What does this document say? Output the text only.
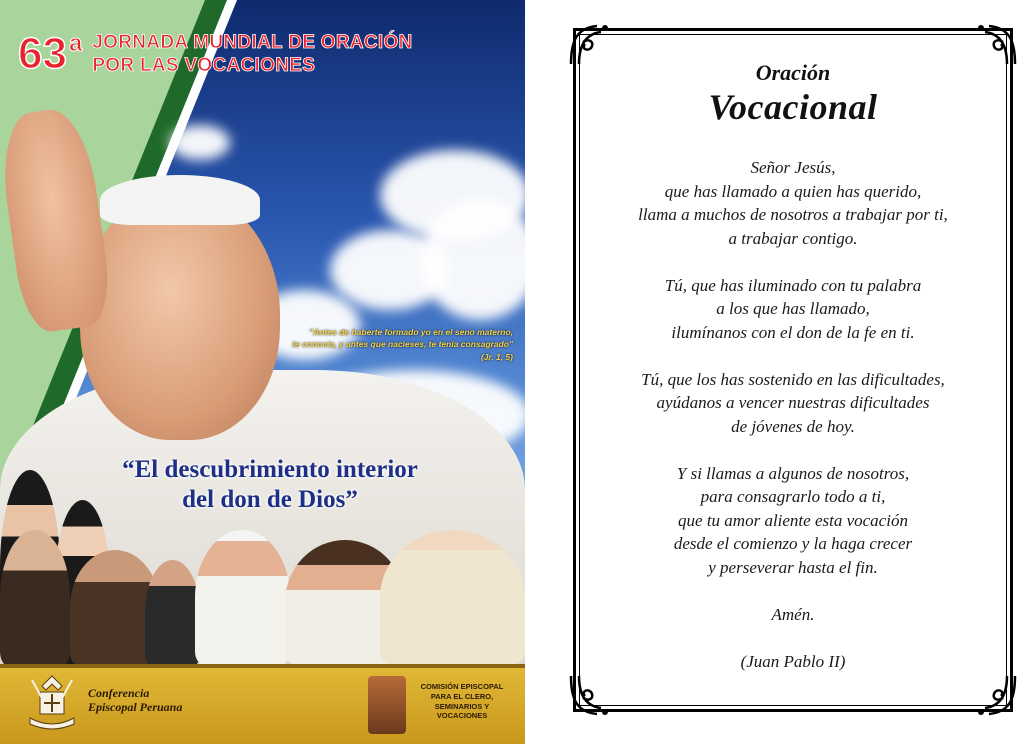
63 a JORNADA MUNDIAL DE ORACIÓN
POR LAS VOCACIONES
"Antes de haberte formado yo en el seno materno,
te conocía, y antes que nacieses, te tenía consagrado"
(Jr. 1, 5)
“El descubrimiento interior
del don de Dios”
Conferencia
Episcopal Peruana
COMISIÓN EPISCOPAL
PARA EL CLERO,
SEMINARIOS Y
VOCACIONES
Oración
Vocacional
Señor Jesús,
que has llamado a quien has querido,
llama a muchos de nosotros a trabajar por ti,
a trabajar contigo.
Tú, que has iluminado con tu palabra
a los que has llamado,
ilumínanos con el don de la fe en ti.
Tú, que los has sostenido en las dificultades,
ayúdanos a vencer nuestras dificultades
de jóvenes de hoy.
Y si llamas a algunos de nosotros,
para consagrarlo todo a ti,
que tu amor aliente esta vocación
desde el comienzo y la haga crecer
y perseverar hasta el fin.
Amén.
(Juan Pablo II)
